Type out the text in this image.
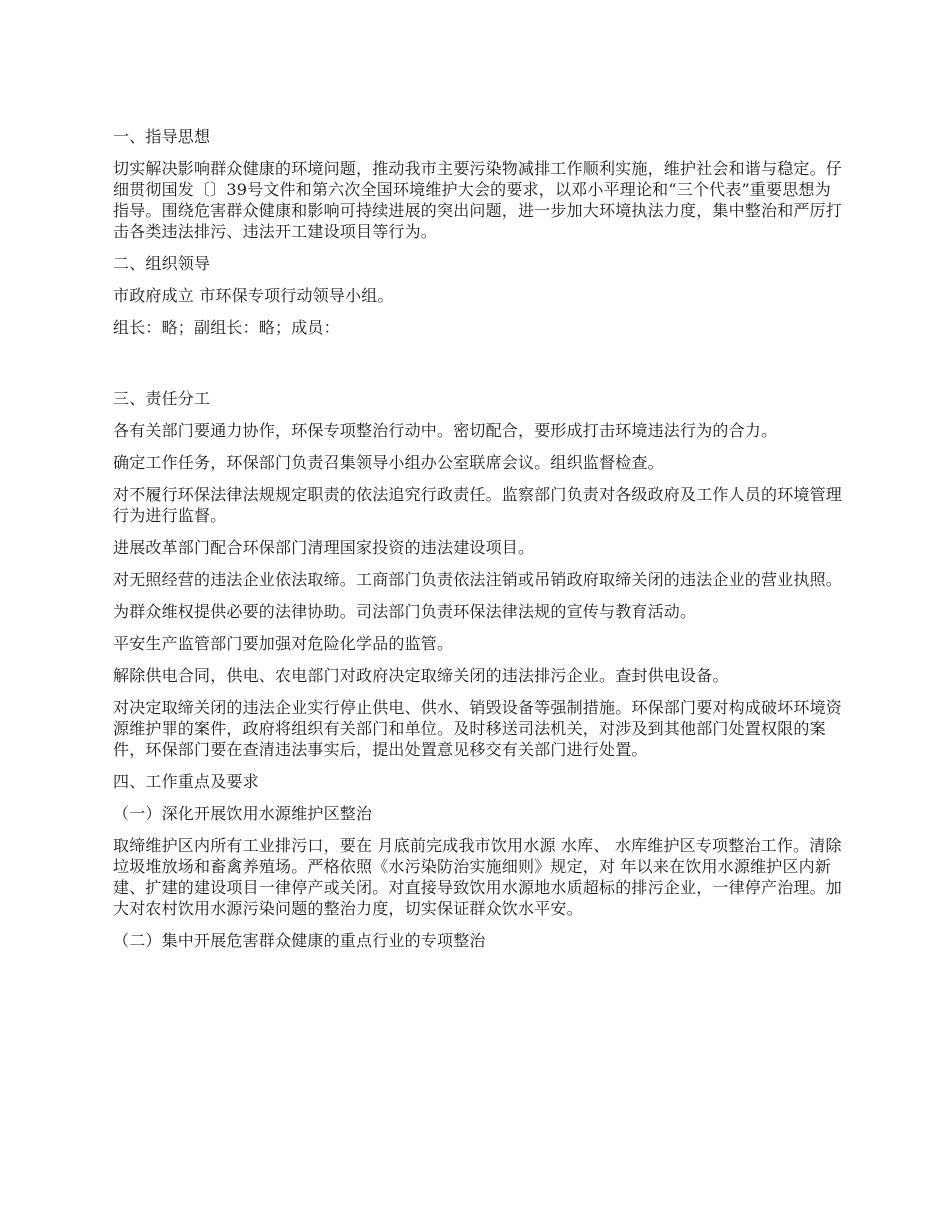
一、指导思想

切实解决影响群众健康的环境问题，推动我市主要污染物减排工作顺利实施，维护社会和谐与稳定。仔细贯彻国发〔〕39号文件和第六次全国环境维护大会的要求，以邓小平理论和“三个代表”重要思想为指导。围绕危害群众健康和影响可持续进展的突出问题，进一步加大环境执法力度，集中整治和严厉打击各类违法排污、违法开工建设项目等行为。

二、组织领导

市政府成立 市环保专项行动领导小组。

组长：略；副组长：略；成员：

三、责任分工

各有关部门要通力协作，环保专项整治行动中。密切配合，要形成打击环境违法行为的合力。

确定工作任务，环保部门负责召集领导小组办公室联席会议。组织监督检查。

对不履行环保法律法规规定职责的依法追究行政责任。监察部门负责对各级政府及工作人员的环境管理行为进行监督。

进展改革部门配合环保部门清理国家投资的违法建设项目。

对无照经营的违法企业依法取缔。工商部门负责依法注销或吊销政府取缔关闭的违法企业的营业执照。

为群众维权提供必要的法律协助。司法部门负责环保法律法规的宣传与教育活动。

平安生产监管部门要加强对危险化学品的监管。

解除供电合同，供电、农电部门对政府决定取缔关闭的违法排污企业。查封供电设备。

对决定取缔关闭的违法企业实行停止供电、供水、销毁设备等强制措施。环保部门要对构成破坏环境资源维护罪的案件，政府将组织有关部门和单位。及时移送司法机关，对涉及到其他部门处置权限的案件，环保部门要在查清违法事实后，提出处置意见移交有关部门进行处置。

四、工作重点及要求

（一）深化开展饮用水源维护区整治

取缔维护区内所有工业排污口，要在 月底前完成我市饮用水源 水库、 水库维护区专项整治工作。清除垃圾堆放场和畜禽养殖场。严格依照《水污染防治实施细则》规定，对 年以来在饮用水源维护区内新建、扩建的建设项目一律停产或关闭。对直接导致饮用水源地水质超标的排污企业，一律停产治理。加大对农村饮用水源污染问题的整治力度，切实保证群众饮水平安。

（二）集中开展危害群众健康的重点行业的专项整治
